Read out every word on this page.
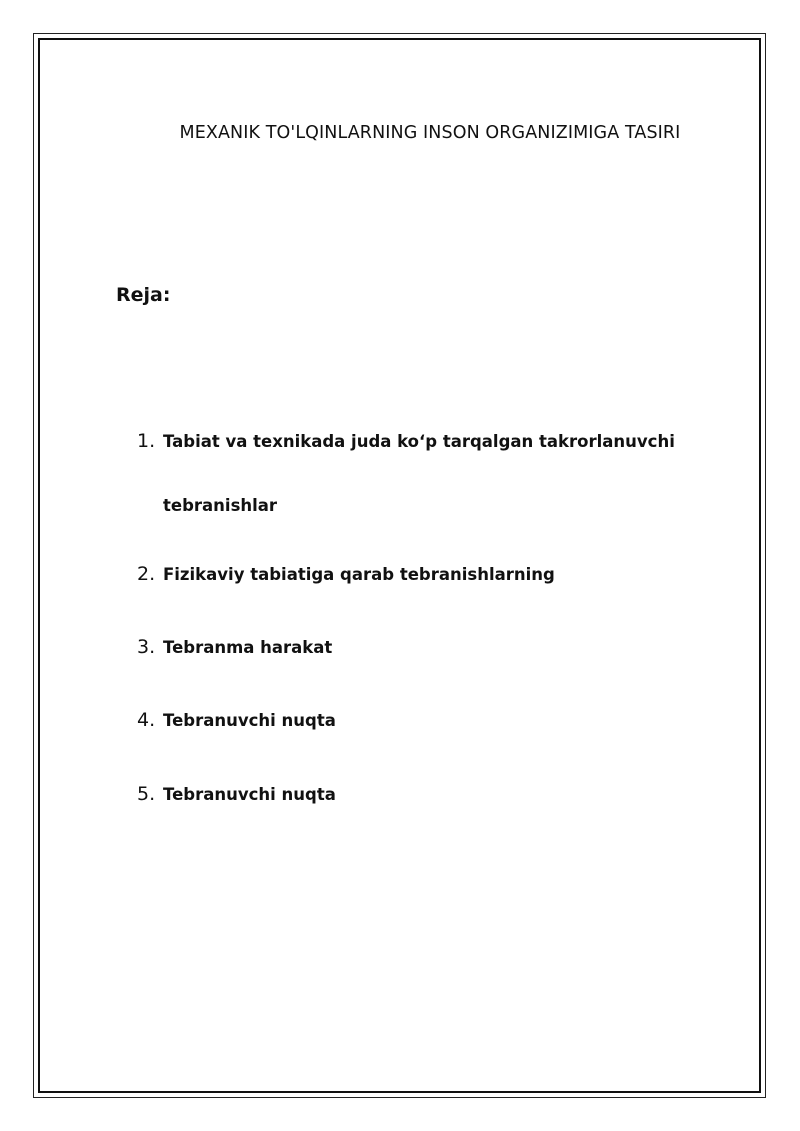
MEXANIK TO'LQINLARNING INSON ORGANIZIMIGA TASIRI
Reja:
1. Tabiat va texnikada juda ko‘p tarqalgan takrorlanuvchi
tebranishlar
2. Fizikaviy tabiatiga qarab tebranishlarning
3. Tebranma harakat
4. Tebranuvchi nuqta
5. Tebranuvchi nuqta
